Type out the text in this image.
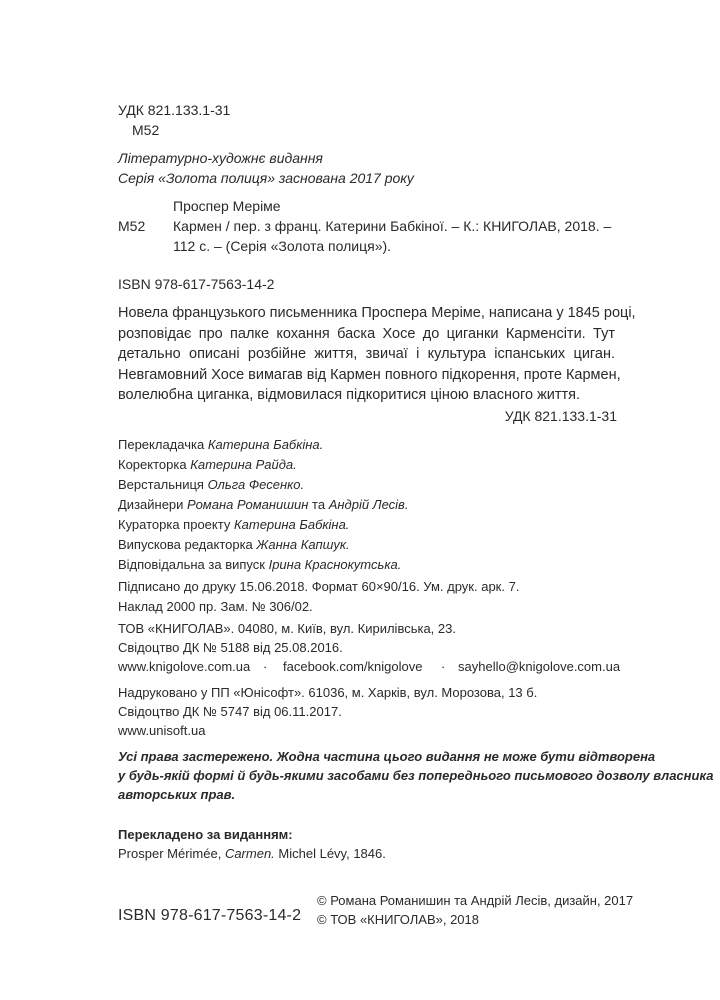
УДК 821.133.1-31
М52
Літературно-художнє видання
Серія «Золота полиця» заснована 2017 року
Проспер Меріме
М52 Кармен / пер. з франц. Катерини Бабкіної. – К.: КНИГОЛАВ, 2018. –
112 с. – (Серія «Золота полиця»).
ISBN 978-617-7563-14-2
Новела французького письменника Проспера Меріме, написана у 1845 році,
розповідає про палке кохання баска Хосе до циганки Карменсіти. Тут
детально описані розбійне життя, звичаї і культура іспанських циган.
Невгамовний Хосе вимагав від Кармен повного підкорення, проте Кармен,
волелюбна циганка, відмовилася підкоритися ціною власного життя.
УДК 821.133.1-31
Перекладачка Катерина Бабкіна.
Коректорка Катерина Райда.
Верстальниця Ольга Фесенко.
Дизайнери Романа Романишин та Андрій Лесів.
Кураторка проекту Катерина Бабкіна.
Випускова редакторка Жанна Капшук.
Відповідальна за випуск Ірина Краснокутська.
Підписано до друку 15.06.2018. Формат 60×90/16. Ум. друк. арк. 7.
Наклад 2000 пр. Зам. № 306/02.
ТОВ «КНИГОЛАВ». 04080, м. Київ, вул. Кирилівська, 23.
Свідоцтво ДК № 5188 від 25.08.2016.
www.knigolove.com.ua · facebook.com/knigolove · sayhello@knigolove.com.ua
Надруковано у ПП «Юнісофт». 61036, м. Харків, вул. Морозова, 13 б.
Свідоцтво ДК № 5747 від 06.11.2017.
www.unisoft.ua
Усі права застережено. Жодна частина цього видання не може бути відтворена
у будь-якій формі й будь-якими засобами без попереднього письмового дозволу власника
авторських прав.
Перекладено за виданням:
Prosper Mérimée, Carmen. Michel Lévy, 1846.
© Романа Романишин та Андрій Лесів, дизайн, 2017
© ТОВ «КНИГОЛАВ», 2018
ISBN 978-617-7563-14-2
